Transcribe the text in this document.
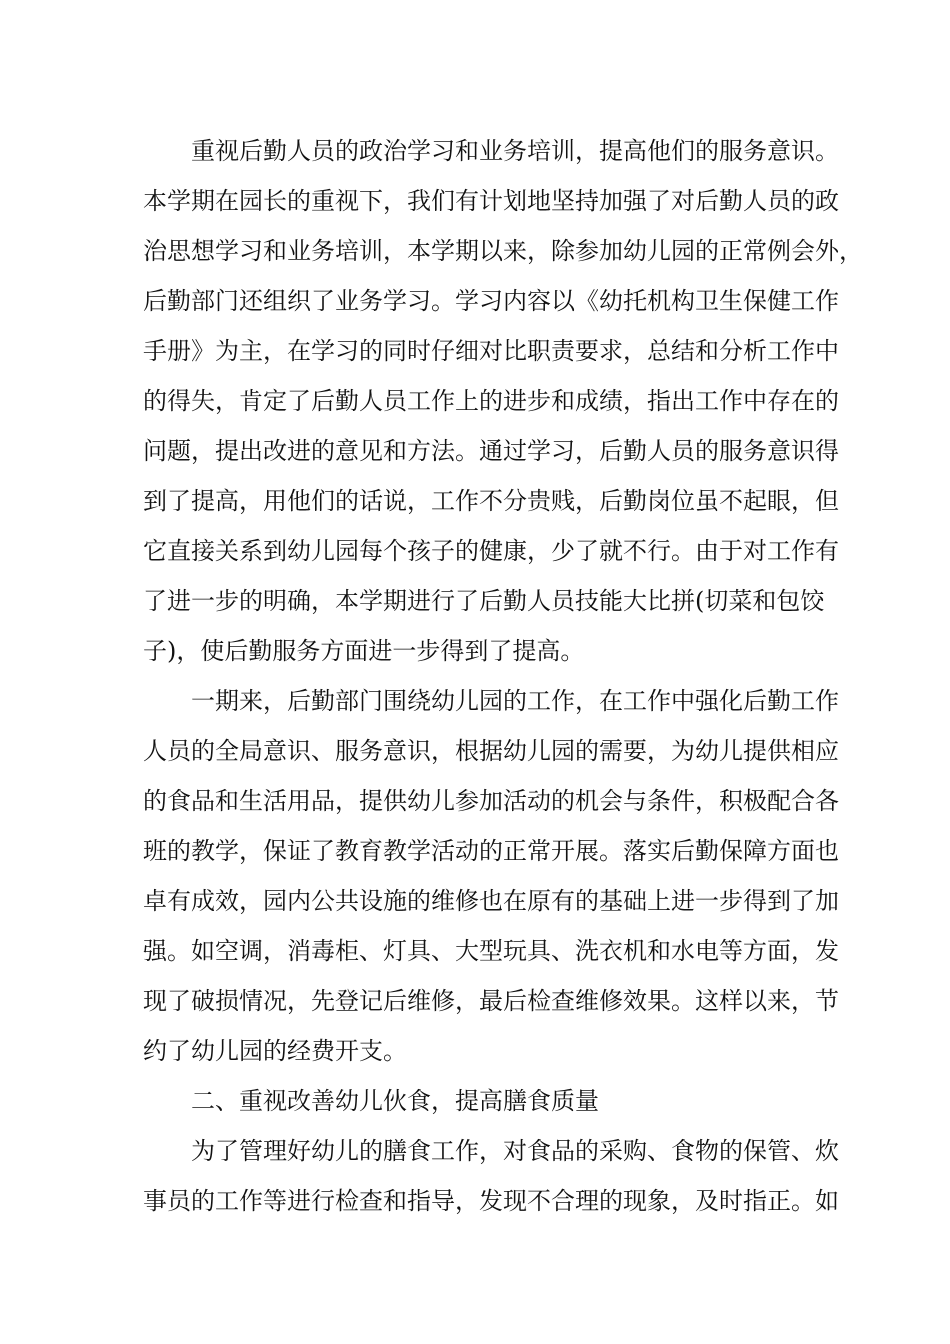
重视后勤人员的政治学习和业务培训，提高他们的服务意识。
本学期在园长的重视下，我们有计划地坚持加强了对后勤人员的政
治思想学习和业务培训，本学期以来，除参加幼儿园的正常例会外，
后勤部门还组织了业务学习。学习内容以《幼托机构卫生保健工作
手册》为主，在学习的同时仔细对比职责要求，总结和分析工作中
的得失，肯定了后勤人员工作上的进步和成绩，指出工作中存在的
问题，提出改进的意见和方法。通过学习，后勤人员的服务意识得
到了提高，用他们的话说，工作不分贵贱，后勤岗位虽不起眼，但
它直接关系到幼儿园每个孩子的健康，少了就不行。由于对工作有
了进一步的明确，本学期进行了后勤人员技能大比拼(切菜和包饺
子)，使后勤服务方面进一步得到了提高。
一期来，后勤部门围绕幼儿园的工作，在工作中强化后勤工作
人员的全局意识、服务意识，根据幼儿园的需要，为幼儿提供相应
的食品和生活用品，提供幼儿参加活动的机会与条件，积极配合各
班的教学，保证了教育教学活动的正常开展。落实后勤保障方面也
卓有成效，园内公共设施的维修也在原有的基础上进一步得到了加
强。如空调，消毒柜、灯具、大型玩具、洗衣机和水电等方面，发
现了破损情况，先登记后维修，最后检查维修效果。这样以来，节
约了幼儿园的经费开支。
二、重视改善幼儿伙食，提高膳食质量
为了管理好幼儿的膳食工作，对食品的采购、食物的保管、炊
事员的工作等进行检查和指导，发现不合理的现象，及时指正。如
